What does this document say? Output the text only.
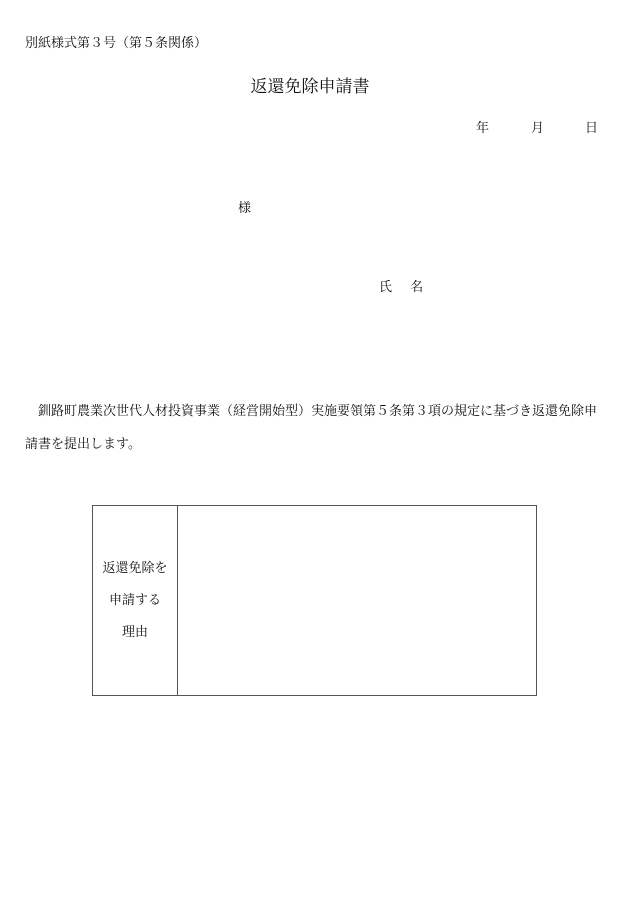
別紙様式第３号（第５条関係）
返還免除申請書
年	月	日
様
氏 名
釧路町農業次世代人材投資事業（経営開始型）実施要領第５条第３項の規定に基づき返還免除申請書を提出します。
返還免除を
申請する
理由
